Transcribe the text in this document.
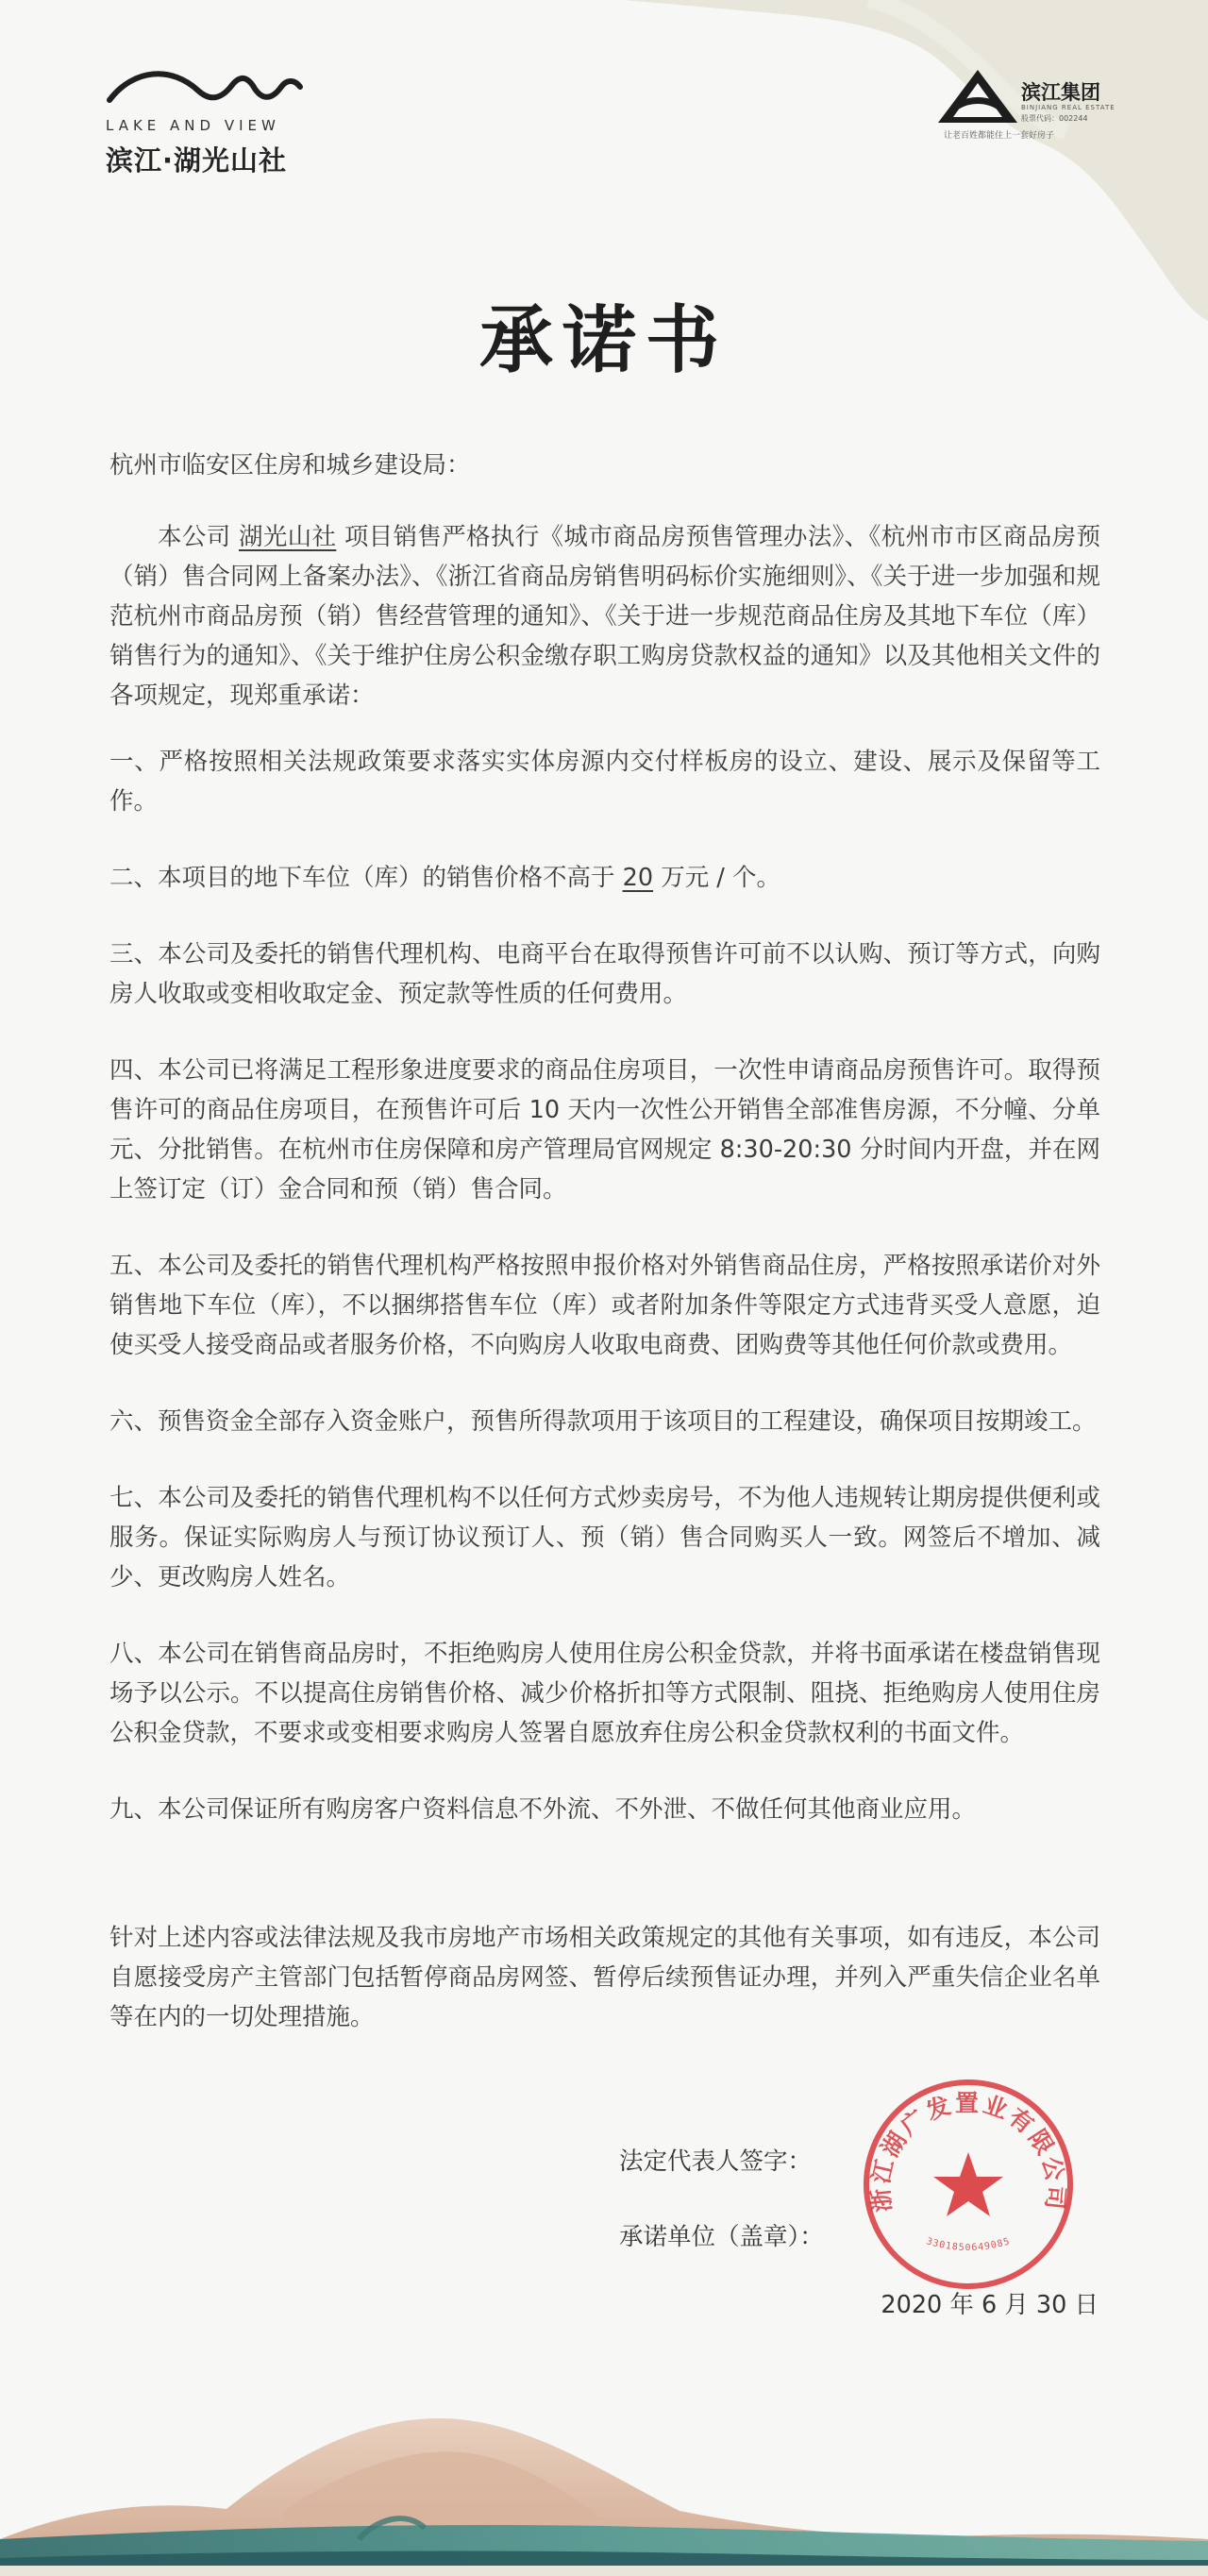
LAKE AND VIEW
滨江·湖光山社
滨江集团
BINJIANG REAL ESTATE
股票代码：002244
让老百姓都能住上一套好房子
承诺书

杭州市临安区住房和城乡建设局：

本公司 湖光山社 项目销售严格执行《城市商品房预售管理办法》、《杭州市市区商品房预（销）售合同网上备案办法》、《浙江省商品房销售明码标价实施细则》、《关于进一步加强和规范杭州市商品房预（销）售经营管理的通知》、《关于进一步规范商品住房及其地下车位（库）销售行为的通知》、《关于维护住房公积金缴存职工购房贷款权益的通知》以及其他相关文件的各项规定，现郑重承诺：

一、严格按照相关法规政策要求落实实体房源内交付样板房的设立、建设、展示及保留等工作。

二、本项目的地下车位（库）的销售价格不高于 20 万元 / 个。

三、本公司及委托的销售代理机构、电商平台在取得预售许可前不以认购、预订等方式，向购房人收取或变相收取定金、预定款等性质的任何费用。

四、本公司已将满足工程形象进度要求的商品住房项目，一次性申请商品房预售许可。取得预售许可的商品住房项目，在预售许可后 10 天内一次性公开销售全部准售房源，不分幢、分单元、分批销售。在杭州市住房保障和房产管理局官网规定 8:30-20:30 分时间内开盘，并在网上签订定（订）金合同和预（销）售合同。

五、本公司及委托的销售代理机构严格按照申报价格对外销售商品住房，严格按照承诺价对外销售地下车位（库），不以捆绑搭售车位（库）或者附加条件等限定方式违背买受人意愿，迫使买受人接受商品或者服务价格，不向购房人收取电商费、团购费等其他任何价款或费用。

六、预售资金全部存入资金账户，预售所得款项用于该项目的工程建设，确保项目按期竣工。

七、本公司及委托的销售代理机构不以任何方式炒卖房号，不为他人违规转让期房提供便利或服务。保证实际购房人与预订协议预订人、预（销）售合同购买人一致。网签后不增加、减少、更改购房人姓名。

八、本公司在销售商品房时，不拒绝购房人使用住房公积金贷款，并将书面承诺在楼盘销售现场予以公示。不以提高住房销售价格、减少价格折扣等方式限制、阻挠、拒绝购房人使用住房公积金贷款，不要求或变相要求购房人签署自愿放弃住房公积金贷款权利的书面文件。

九、本公司保证所有购房客户资料信息不外流、不外泄、不做任何其他商业应用。

针对上述内容或法律法规及我市房地产市场相关政策规定的其他有关事项，如有违反，本公司自愿接受房产主管部门包括暂停商品房网签、暂停后续预售证办理，并列入严重失信企业名单等在内的一切处理措施。

法定代表人签字：
承诺单位（盖章）：
2020 年 6 月 30 日
浙江湖广发置业有限公司
3301850649085
